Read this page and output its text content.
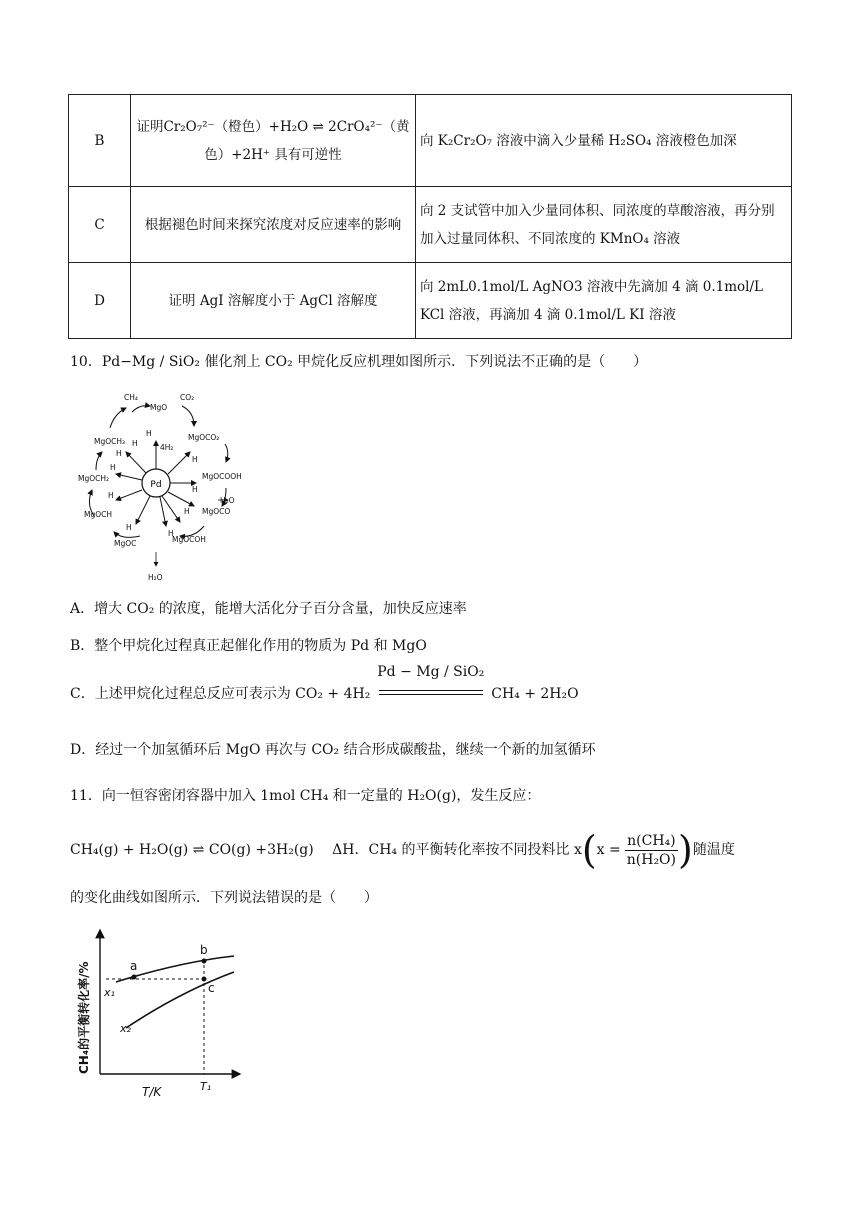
B	证明Cr₂O₇²⁻（橙色）+H₂O ⇌ 2CrO₄²⁻（黄
色）+2H⁺ 具有可逆性	向 K₂Cr₂O₇ 溶液中滴入少量稀 H₂SO₄ 溶液橙色加深
C	根据褪色时间来探究浓度对反应速率的影响	向 2 支试管中加入少量同体积、同浓度的草酸溶液，再分别加入过量同体积、不同浓度的 KMnO₄ 溶液
D	证明 AgI 溶解度小于 AgCl 溶解度	向 2mL0.1mol/L AgNO3 溶液中先滴加 4 滴 0.1mol/L KCl 溶液，再滴加 4 滴 0.1mol/L KI 溶液
10．Pd−Mg / SiO₂ 催化剂上 CO₂ 甲烷化反应机理如图所示．下列说法不正确的是（　　）
Pd
CH₄
MgO
CO₂
MgOCO₂
MgOCOOH
MgOCO
MgOCOH
MgOC
MgOCH
MgOCH₂
MgOCH₃
4H₂
H
H
H
H
H
H
H
H
H
H
H₂O
H₂O
A．增大 CO₂ 的浓度，能增大活化分子百分含量，加快反应速率
B．整个甲烷化过程真正起催化作用的物质为 Pd 和 MgO
C．上述甲烷化过程总反应可表示为 CO₂ + 4H₂
Pd − Mg / SiO₂
CH₄ + 2H₂O
D．经过一个加氢循环后 MgO 再次与 CO₂ 结合形成碳酸盐，继续一个新的加氢循环
11．向一恒容密闭容器中加入 1mol CH₄ 和一定量的 H₂O(g)，发生反应：
CH₄(g) + H₂O(g) ⇌ CO(g) +3H₂(g)　 ΔH．CH₄ 的平衡转化率按不同投料比 x ( $x = \frac{\text{n(CH₄)}}{\text{n(H₂O)}}$ ) 随温度
的变化曲线如图所示．下列说法错误的是（　　）
a
b
c
x₁
x₂
T₁
T/K
CH₄的平衡转化率/%
